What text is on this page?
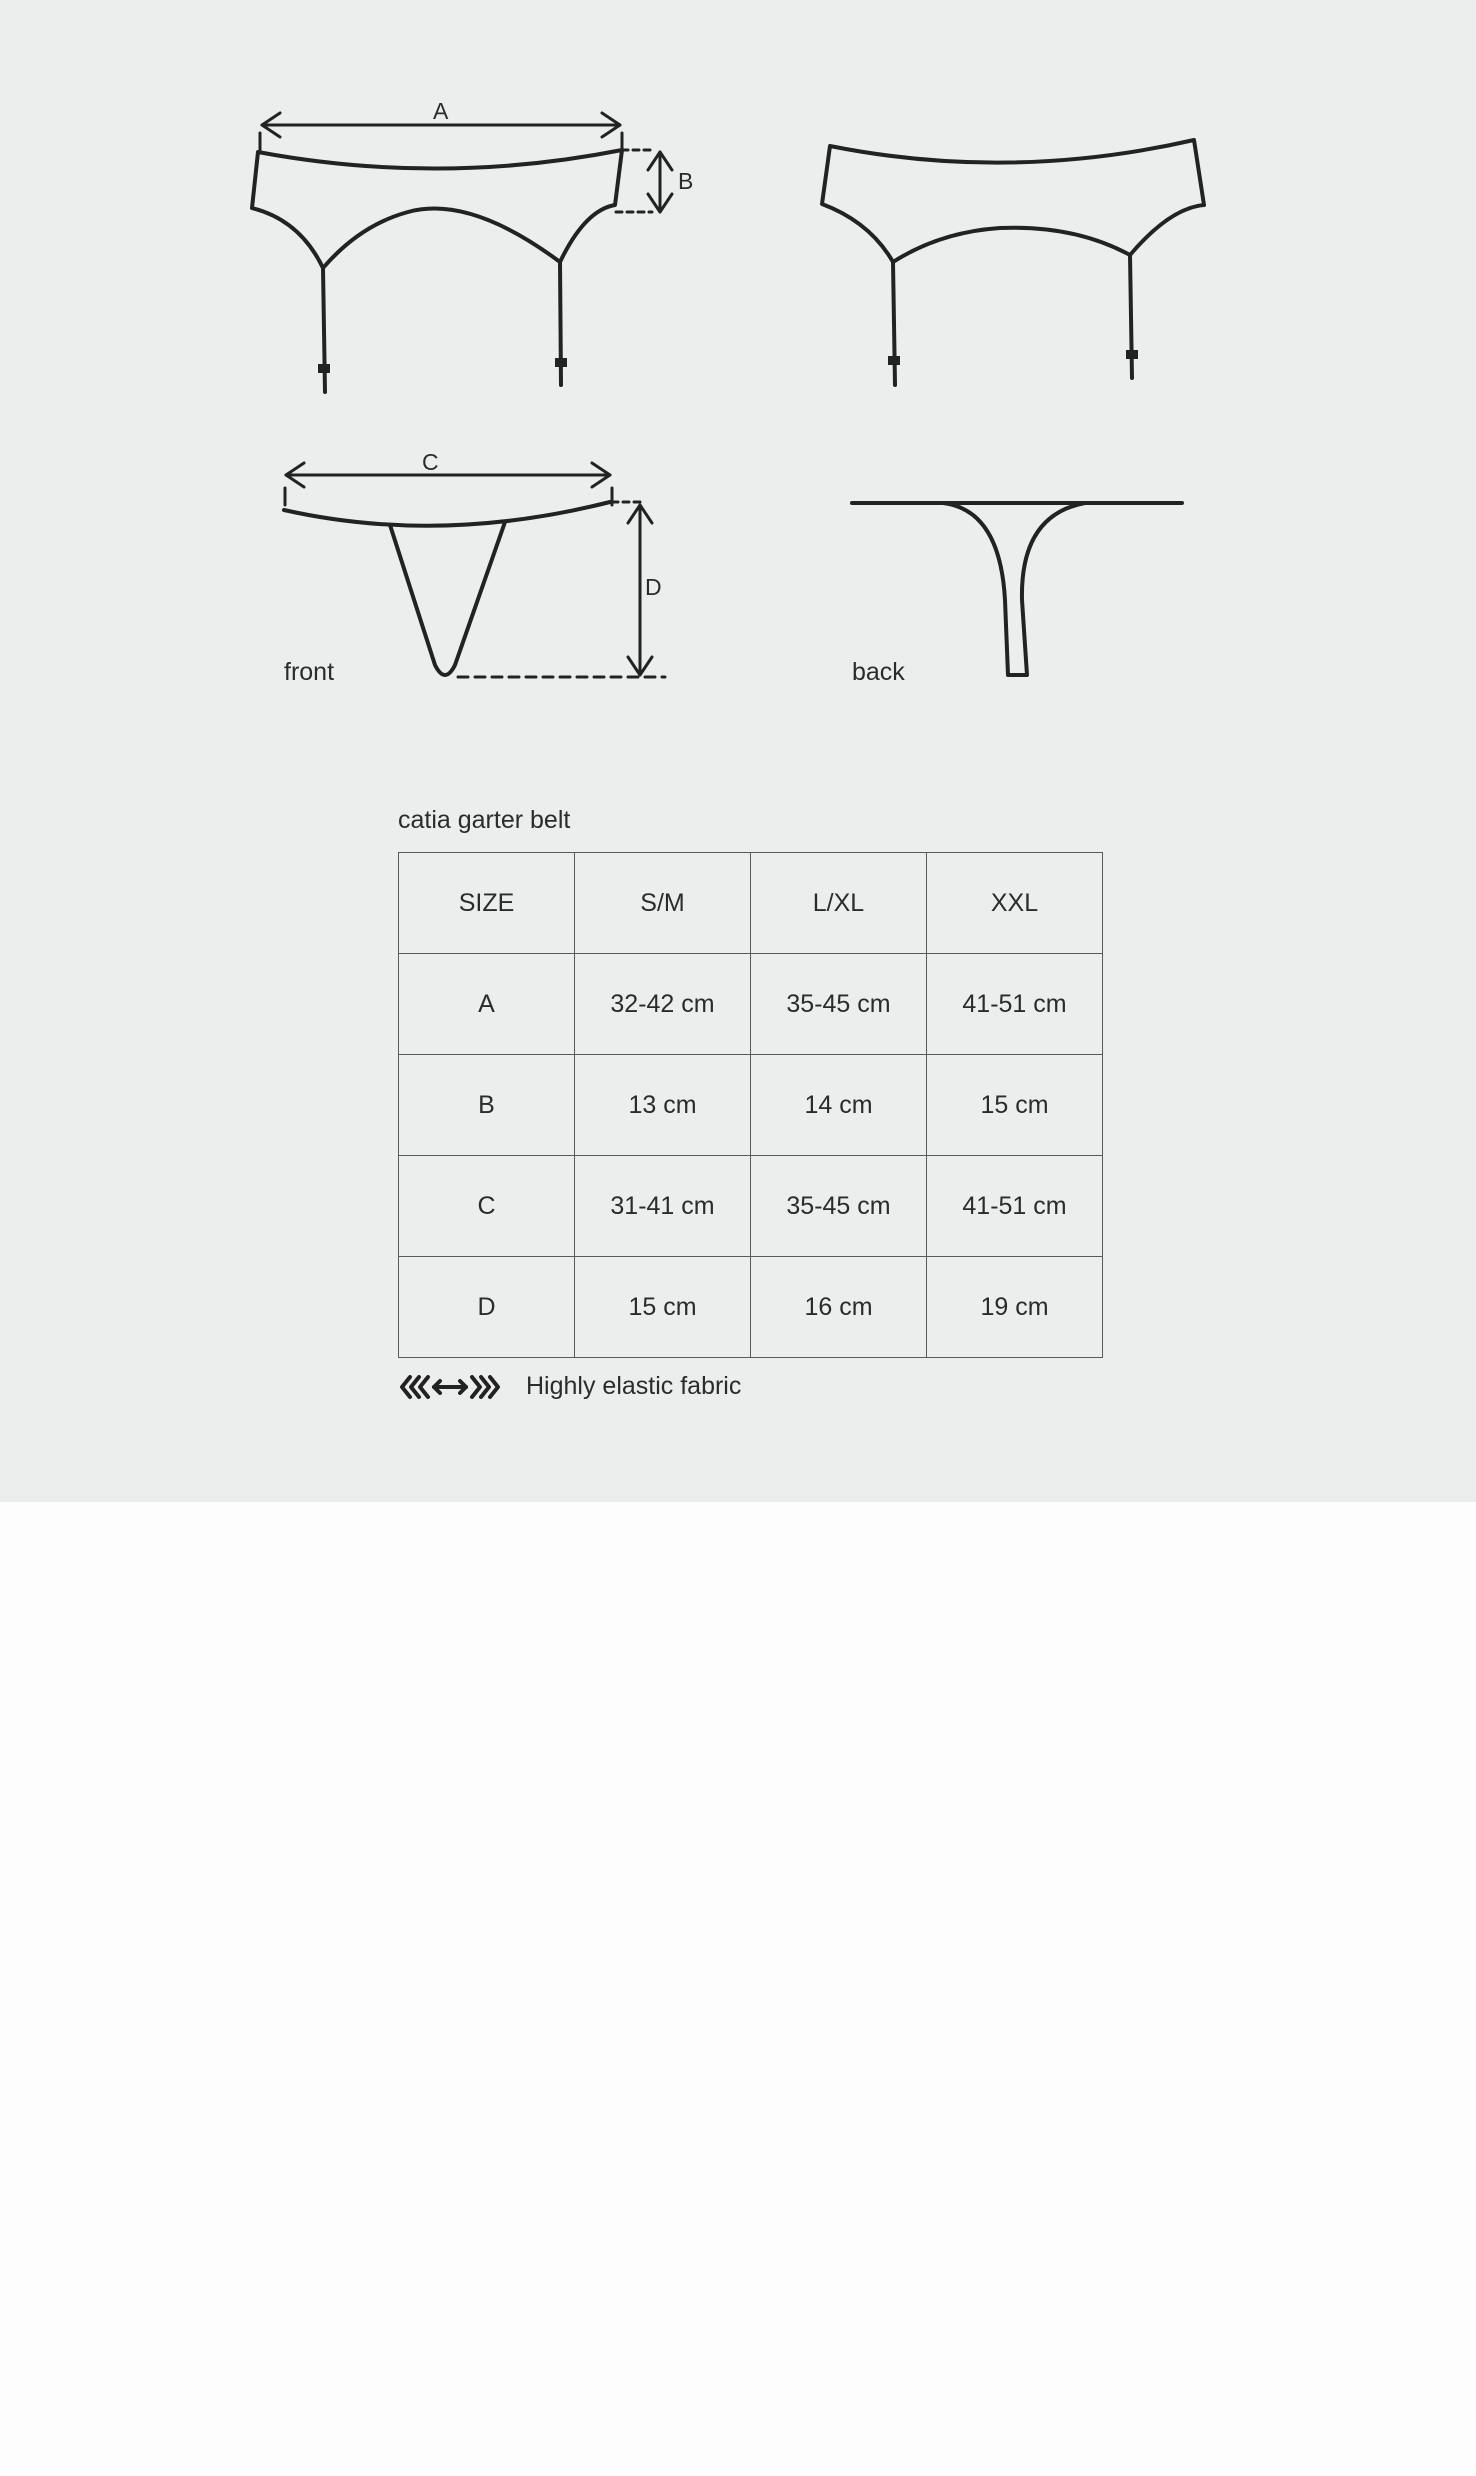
A
B
C
D
front	back
catia garter belt
SIZE	S/M	L/XL	XXL
A	32-42 cm	35-45 cm	41-51 cm
B	13 cm	14 cm	15 cm
C	31-41 cm	35-45 cm	41-51 cm
D	15 cm	16 cm	19 cm
Highly elastic fabric
